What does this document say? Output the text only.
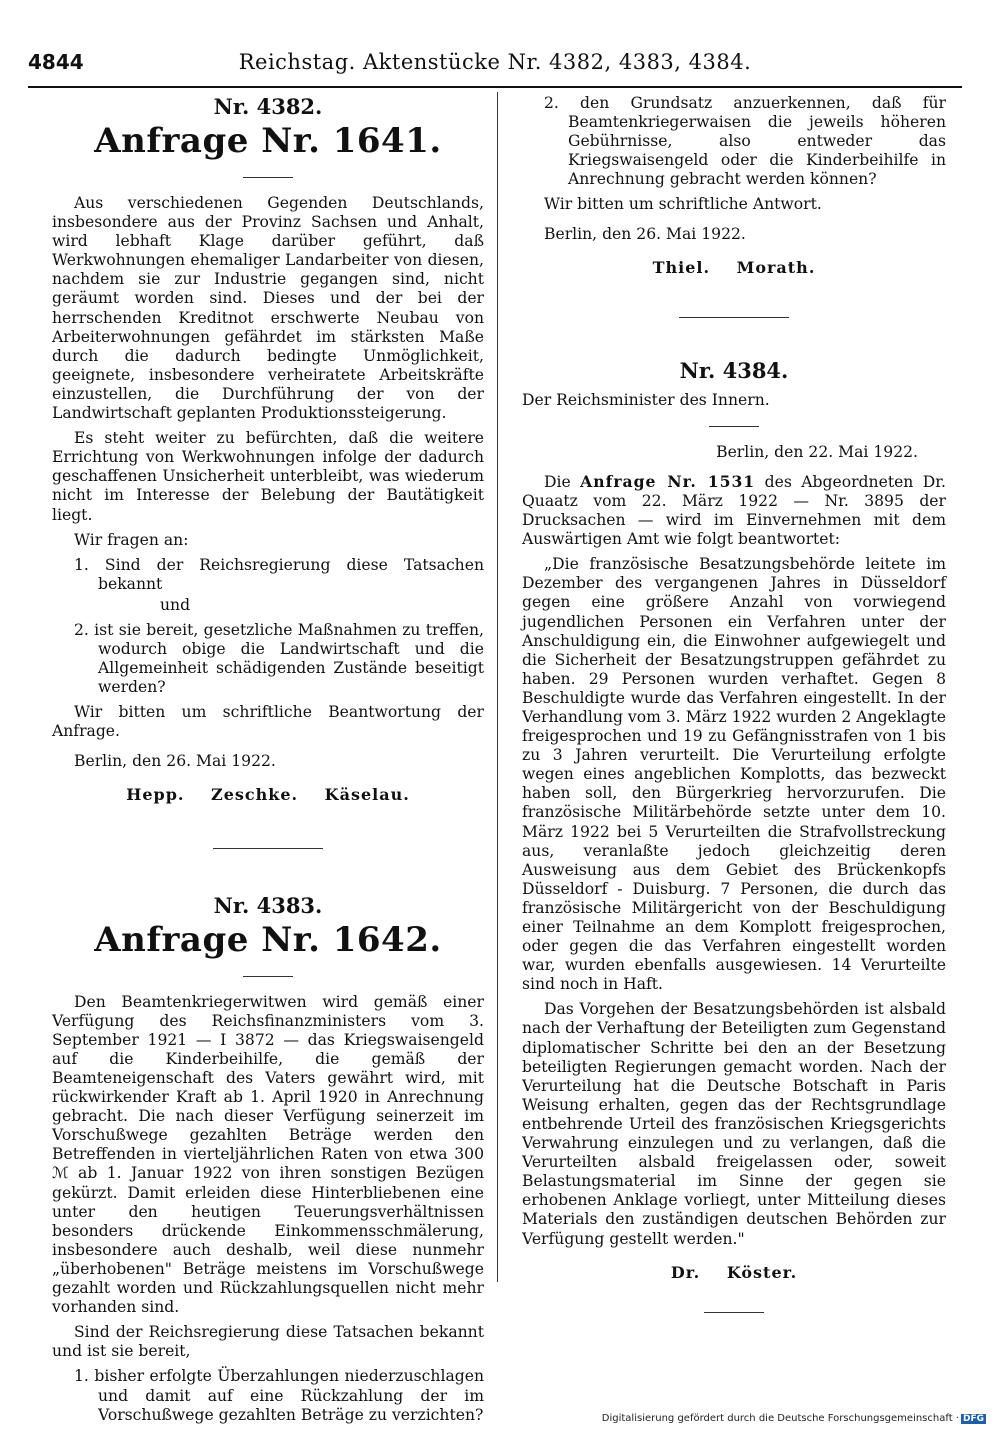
4844	Reichstag. Aktenstücke Nr. 4382, 4383, 4384.
Nr. 4382.
Anfrage Nr. 1641.

Aus verschiedenen Gegenden Deutschlands, insbesondere aus der Provinz Sachsen und Anhalt, wird lebhaft Klage darüber geführt, daß Werkwohnungen ehemaliger Landarbeiter von diesen, nachdem sie zur Industrie gegangen sind, nicht geräumt worden sind. Dieses und der bei der herrschenden Kreditnot erschwerte Neubau von Arbeiterwohnungen gefährdet im stärksten Maße durch die dadurch bedingte Unmöglichkeit, geeignete, insbesondere verheiratete Arbeitskräfte einzustellen, die Durchführung der von der Landwirtschaft geplanten Produktionssteigerung.

Es steht weiter zu befürchten, daß die weitere Errichtung von Werkwohnungen infolge der dadurch geschaffenen Unsicherheit unterbleibt, was wiederum nicht im Interesse der Belebung der Bautätigkeit liegt.

Wir fragen an:

1. Sind der Reichsregierung diese Tatsachen bekannt
und
2. ist sie bereit, gesetzliche Maßnahmen zu treffen, wodurch obige die Landwirtschaft und die Allgemeinheit schädigenden Zustände beseitigt werden?

Wir bitten um schriftliche Beantwortung der Anfrage.

Berlin, den 26. Mai 1922.
Hepp. Zeschke. Käselau.
Nr. 4383.
Anfrage Nr. 1642.

Den Beamtenkriegerwitwen wird gemäß einer Verfügung des Reichsfinanzministers vom 3. September 1921 — I 3872 — das Kriegswaisengeld auf die Kinderbeihilfe, die gemäß der Beamteneigenschaft des Vaters gewährt wird, mit rückwirkender Kraft ab 1. April 1920 in Anrechnung gebracht. Die nach dieser Verfügung seinerzeit im Vorschußwege gezahlten Beträge werden den Betreffenden in vierteljährlichen Raten von etwa 300 ℳ ab 1. Januar 1922 von ihren sonstigen Bezügen gekürzt. Damit erleiden diese Hinterbliebenen eine unter den heutigen Teuerungsverhältnissen besonders drückende Einkommensschmälerung, insbesondere auch deshalb, weil diese nunmehr „überhobenen" Beträge meistens im Vorschußwege gezahlt worden und Rückzahlungsquellen nicht mehr vorhanden sind.

Sind der Reichsregierung diese Tatsachen bekannt und ist sie bereit,

1. bisher erfolgte Überzahlungen niederzuschlagen und damit auf eine Rückzahlung der im Vorschußwege gezahlten Beträge zu verzichten?
2. den Grundsatz anzuerkennen, daß für Beamtenkriegerwaisen die jeweils höheren Gebührnisse, also entweder das Kriegswaisengeld oder die Kinderbeihilfe in Anrechnung gebracht werden können?

Wir bitten um schriftliche Antwort.

Berlin, den 26. Mai 1922.
Thiel. Morath.
Nr. 4384.
Der Reichsminister des Innern.
Berlin, den 22. Mai 1922.

Die Anfrage Nr. 1531 des Abgeordneten Dr. Quaatz vom 22. März 1922 — Nr. 3895 der Drucksachen — wird im Einvernehmen mit dem Auswärtigen Amt wie folgt beantwortet:

„Die französische Besatzungsbehörde leitete im Dezember des vergangenen Jahres in Düsseldorf gegen eine größere Anzahl von vorwiegend jugendlichen Personen ein Verfahren unter der Anschuldigung ein, die Einwohner aufgewiegelt und die Sicherheit der Besatzungstruppen gefährdet zu haben. 29 Personen wurden verhaftet. Gegen 8 Beschuldigte wurde das Verfahren eingestellt. In der Verhandlung vom 3. März 1922 wurden 2 Angeklagte freigesprochen und 19 zu Gefängnisstrafen von 1 bis zu 3 Jahren verurteilt. Die Verurteilung erfolgte wegen eines angeblichen Komplotts, das bezweckt haben soll, den Bürgerkrieg hervorzurufen. Die französische Militärbehörde setzte unter dem 10. März 1922 bei 5 Verurteilten die Strafvollstreckung aus, veranlaßte jedoch gleichzeitig deren Ausweisung aus dem Gebiet des Brückenkopfs Düsseldorf - Duisburg. 7 Personen, die durch das französische Militärgericht von der Beschuldigung einer Teilnahme an dem Komplott freigesprochen, oder gegen die das Verfahren eingestellt worden war, wurden ebenfalls ausgewiesen. 14 Verurteilte sind noch in Haft.

Das Vorgehen der Besatzungsbehörden ist alsbald nach der Verhaftung der Beteiligten zum Gegenstand diplomatischer Schritte bei den an der Besetzung beteiligten Regierungen gemacht worden. Nach der Verurteilung hat die Deutsche Botschaft in Paris Weisung erhalten, gegen das der Rechtsgrundlage entbehrende Urteil des französischen Kriegsgerichts Verwahrung einzulegen und zu verlangen, daß die Verurteilten alsbald freigelassen oder, soweit Belastungsmaterial im Sinne der gegen sie erhobenen Anklage vorliegt, unter Mitteilung dieses Materials den zuständigen deutschen Behörden zur Verfügung gestellt werden."

Dr. Köster.
Digitalisierung gefördert durch die Deutsche Forschungsgemeinschaft · DFG
